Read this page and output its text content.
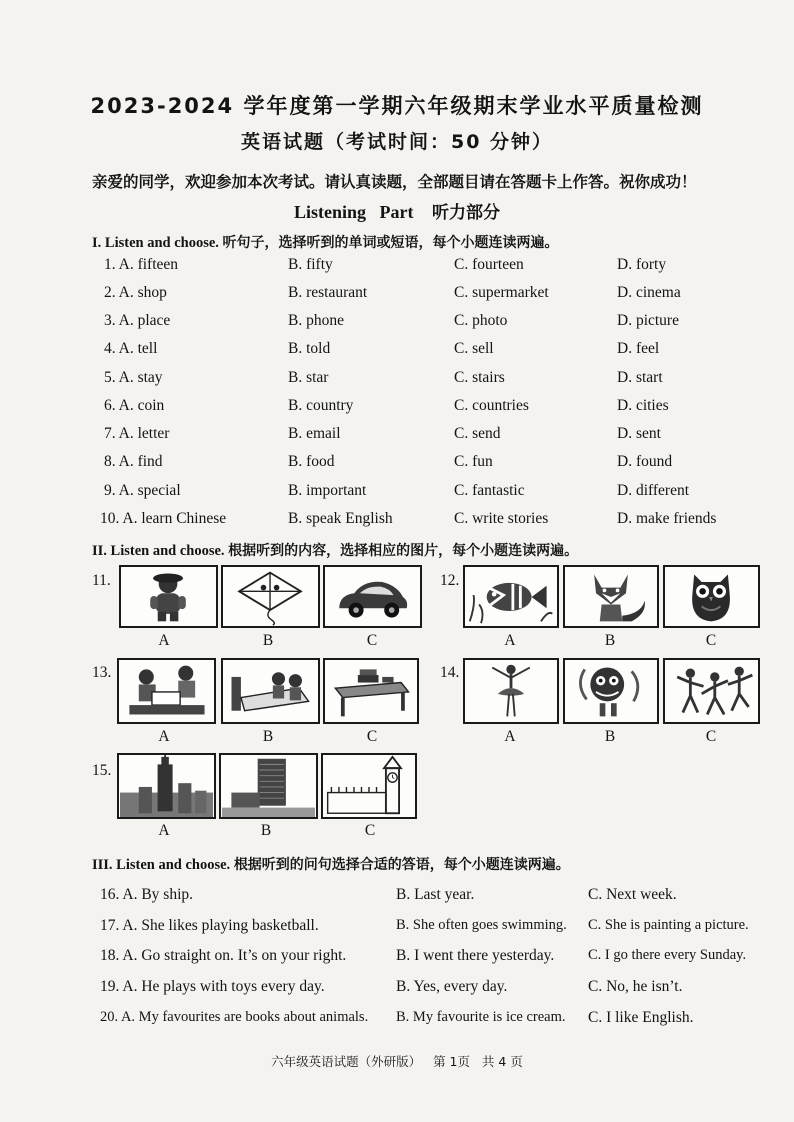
2023-2024 学年度第一学期六年级期末学业水平质量检测
英语试题（考试时间：50 分钟）
亲爱的同学，欢迎参加本次考试。请认真读题，全部题目请在答题卡上作答。祝你成功！
Listening   Part 听力部分
I. Listen and choose. 听句子，选择听到的单词或短语，每个小题连读两遍。
1. A. fifteen	B. fifty	C. fourteen	D. forty
2. A. shop	B. restaurant	C. supermarket	D. cinema
3. A. place	B. phone	C. photo	D. picture
4. A. tell	B. told	C. sell	D. feel
5. A. stay	B. star	C. stairs	D. start
6. A. coin	B. country	C. countries	D. cities
7. A. letter	B. email	C. send	D. sent
8. A. find	B. food	C. fun	D. found
9. A. special	B. important	C. fantastic	D. different
10. A. learn Chinese	B. speak English	C. write stories	D. make friends
II. Listen and choose. 根据听到的内容，选择相应的图片，每个小题连读两遍。
11.
A	B	C
12.
A	B	C
13.
A	B	C
14.
A	B	C
15.
A	B	C
III. Listen and choose. 根据听到的问句选择合适的答语，每个小题连读两遍。
16. A. By ship.	B. Last year.	C. Next week.
17. A. She likes playing basketball.	B. She often goes swimming. C. She is painting a picture.
18. A. Go straight on. It’s on your right.	B. I went there yesterday. C. I go there every Sunday.
19. A. He plays with toys every day.	B. Yes, every day.	C. No, he isn’t.
20. A. My favourites are books about animals. B. My favourite is ice cream. C. I like English.
六年级英语试题（外研版）   第 1页   共 4 页
